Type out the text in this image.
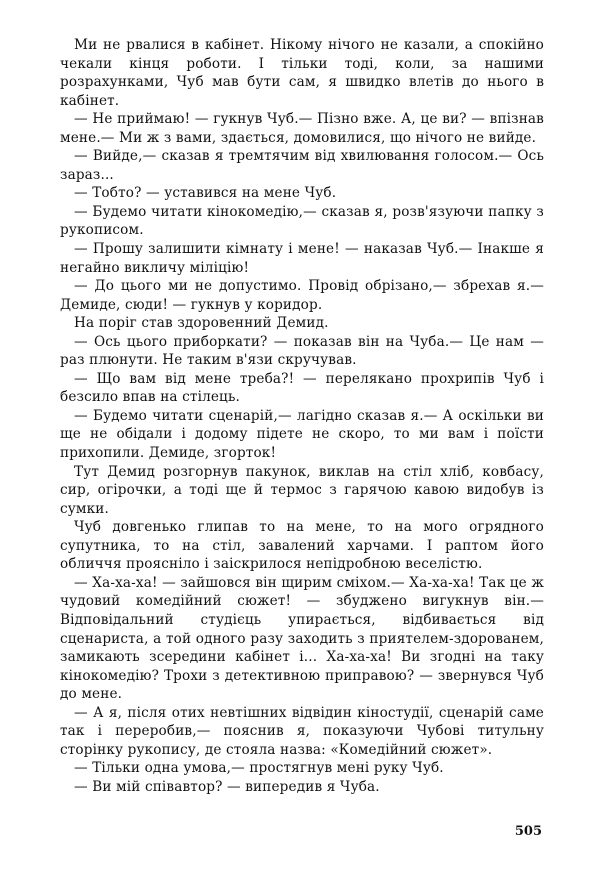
Ми не рвалися в кабінет. Нікому нічого не казали, а спокійно чекали кінця роботи. І тільки тоді, коли, за нашими розрахунками, Чуб мав бути сам, я швидко влетів до нього в кабінет.

— Не приймаю! — гукнув Чуб.— Пізно вже. А, це ви? — впізнав мене.— Ми ж з вами, здається, домовилися, що нічого не вийде.

— Вийде,— сказав я тремтячим від хвилювання голосом.— Ось зараз...

— Тобто? — уставився на мене Чуб.

— Будемо читати кінокомедію,— сказав я, розв'язуючи папку з рукописом.

— Прошу залишити кімнату і мене! — наказав Чуб.— Інакше я негайно викличу міліцію!

— До цього ми не допустимо. Провід обрізано,— збрехав я.— Демиде, сюди! — гукнув у коридор.

На поріг став здоровенний Демид.

— Ось цього приборкати? — показав він на Чуба.— Це нам — раз плюнути. Не таким в'язи скручував.

— Що вам від мене треба?! — перелякано прохрипів Чуб і безсило впав на стілець.

— Будемо читати сценарій,— лагідно сказав я.— А оскільки ви ще не обідали і додому підете не скоро, то ми вам і поїсти прихопили. Демиде, згорток!

Тут Демид розгорнув пакунок, виклав на стіл хліб, ковбасу, сир, огірочки, а тоді ще й термос з гарячою кавою видобув із сумки.

Чуб довгенько глипав то на мене, то на мого огрядного супутника, то на стіл, завалений харчами. І раптом його обличчя проясніло і заіскрилося непідробною веселістю.

— Ха-ха-ха! — зайшовся він щирим сміхом.— Ха-ха-ха! Так це ж чудовий комедійний сюжет! — збуджено вигукнув він.— Відповідальний студієць упирається, відбивається від сценариста, а той одного разу заходить з приятелем-здорованем, замикають зсередини кабінет і... Ха-ха-ха! Ви згодні на таку кінокомедію? Трохи з детективною приправою? — звернувся Чуб до мене.

— А я, після отих невтішних відвідин кіностудії, сценарій саме так і переробив,— пояснив я, показуючи Чубові титульну сторінку рукопису, де стояла назва: «Комедійний сюжет».

— Тільки одна умова,— простягнув мені руку Чуб.

— Ви мій співавтор? — випередив я Чуба.

505
